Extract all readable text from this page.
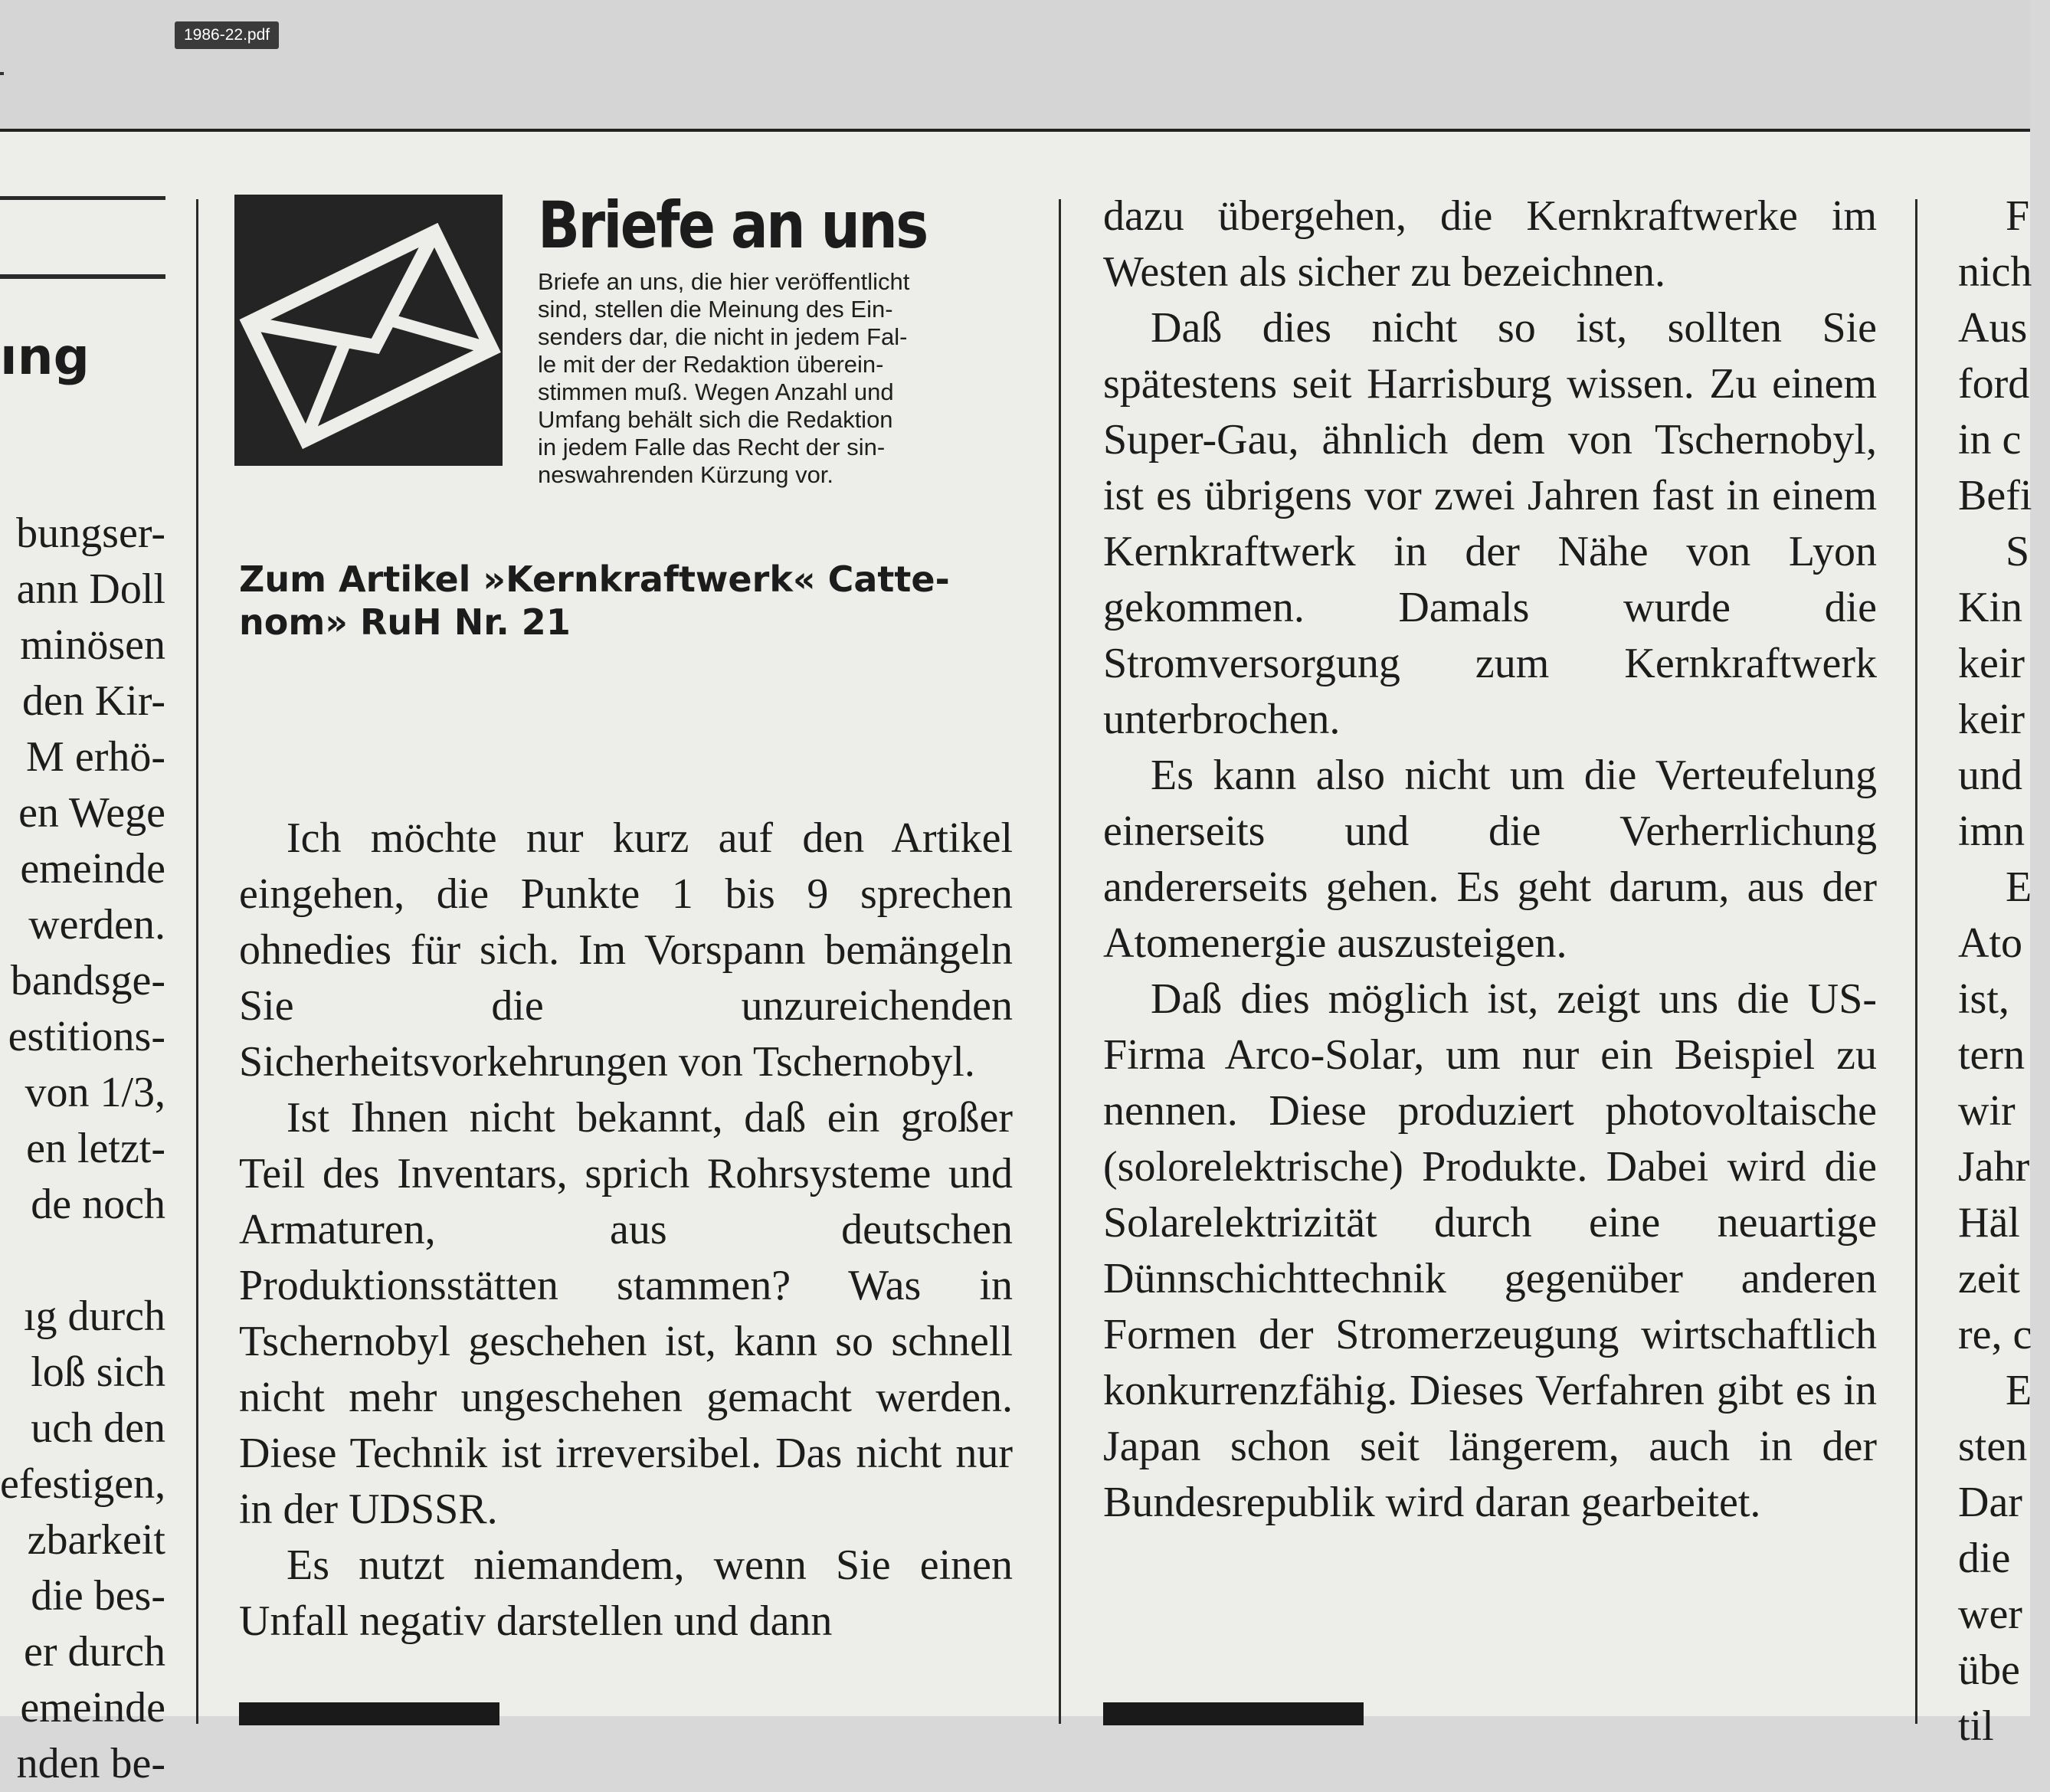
1986-22.pdf
ıng
bungser-
ann Doll
minösen
den Kir-
M erhö-
en Wege
emeinde
werden.
bandsge-
estitions-
von 1/3,
en letzt-
de noch

ıg durch
loß sich
uch den
efestigen,
zbarkeit
die bes-
er durch
emeinde
nden be-
Briefe an uns
Briefe an uns, die hier veröffentlicht
sind, stellen die Meinung des Ein-
senders dar, die nicht in jedem Fal-
le mit der der Redaktion überein-
stimmen muß. Wegen Anzahl und
Umfang behält sich die Redaktion
in jedem Falle das Recht der sin-
neswahrenden Kürzung vor.
Zum Artikel »Kernkraftwerk« Catte-
nom» RuH Nr. 21

Ich möchte nur kurz auf den Artikel eingehen, die Punkte 1 bis 9 sprechen ohnedies für sich. Im Vorspann bemängeln Sie die unzureichenden Sicherheitsvorkehrungen von Tschernobyl.

Ist Ihnen nicht bekannt, daß ein großer Teil des Inventars, sprich Rohrsysteme und Armaturen, aus deutschen Produktionsstätten stammen? Was in Tschernobyl geschehen ist, kann so schnell nicht mehr ungeschehen gemacht werden. Diese Technik ist irreversibel. Das nicht nur in der UDSSR.

Es nutzt niemandem, wenn Sie einen Unfall negativ darstellen und dann

dazu übergehen, die Kernkraftwerke im Westen als sicher zu bezeichnen.

Daß dies nicht so ist, sollten Sie spätestens seit Harrisburg wissen. Zu einem Super-Gau, ähnlich dem von Tschernobyl, ist es übrigens vor zwei Jahren fast in einem Kernkraftwerk in der Nähe von Lyon gekommen. Damals wurde die Stromversorgung zum Kernkraftwerk unterbrochen.

Es kann also nicht um die Verteufelung einerseits und die Verherrlichung andererseits gehen. Es geht darum, aus der Atomenergie auszusteigen.

Daß dies möglich ist, zeigt uns die US-Firma Arco-Solar, um nur ein Beispiel zu nennen. Diese produziert photovoltaische (solorelektrische) Produkte. Dabei wird die Solarelektrizität durch eine neuartige Dünnschichttechnik gegenüber anderen Formen der Stromerzeugung wirtschaftlich konkurrenzfähig. Dieses Verfahren gibt es in Japan schon seit längerem, auch in der Bundesrepublik wird daran gearbeitet.

F
nich
Aus
ford
in c
Befi
S
Kin
keir
keir
und
imn
E
Ato
ist,
tern
wir
Jahr
Häl
zeit
re, c
E
sten
Dar
die
wer
übe
til
